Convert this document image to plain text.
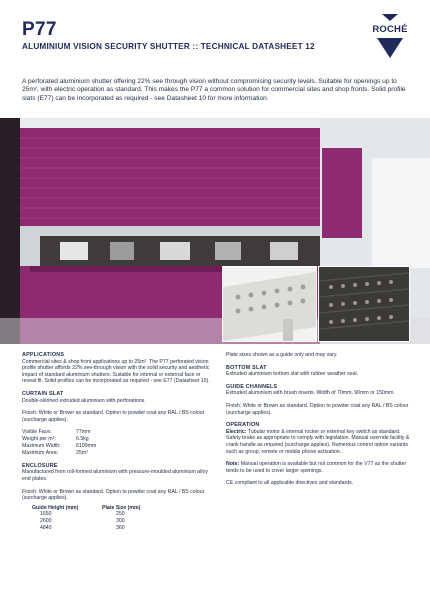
P77
ALUMINIUM VISION SECURITY SHUTTER :: TECHNICAL DATASHEET 12
ROCHÉ
A perforated aluminium shutter offering 22% see through vision without compromising security levels. Suitable for openings up to 25m², with electric operation as standard. This makes the P77 a common solution for commercial sites and shop fronts. Solid profile slats (E77) can be incorporated as required - see Datasheet 10 for more information.
APPLICATIONS
Commercial sites & shop front applications up to 25m². The P77 perforated vision profile shutter affords 22% see-through vision with the solid security and aesthetic impact of standard aluminium shutters. Suitable for internal or external face or reveal fit. Solid profiles can be incorporated as required - see E77 (Datasheet 10).
CURTAIN SLAT
Double-skinned extruded aluminium with perforations.
Finish: White or Brown as standard. Option to powder coat any RAL / BS colour (surcharge applies).
Visible Face:	77mm
Weight per m²:	6.5kg
Maximum Width:	6100mm
Maximum Area:	25m²
ENCLOSURE
Manufactured from roll-formed aluminium with pressure-moulded aluminium alloy end plates.
Finish: White or Brown as standard. Option to powder coat any RAL / BS colour (surcharge applies).
Guide Height (mm)	Plate Size (mm)
1650	250
2600	300
4840	360
Plate sizes shown as a guide only and may vary.
BOTTOM SLAT
Extruded aluminium bottom slat with rubber weather seal.
GUIDE CHANNELS
Extruded aluminium with brush inserts. Width of 70mm, 90mm or 150mm.
Finish: White or Brown as standard. Option to powder coat any RAL / BS colour (surcharge applies).
OPERATION
Electric: Tubular motor & internal rocker or external key switch as standard. Safety brake as appropriate to comply with legislation. Manual override facility & crank handle as required (surcharge applies). Numerous control option variants such as group, remote or mobile phone activation.
Note: Manual operation is available but not common for the V77 as the shutter tends to be used to cover larger openings.
CE compliant to all applicable directives and standards.
